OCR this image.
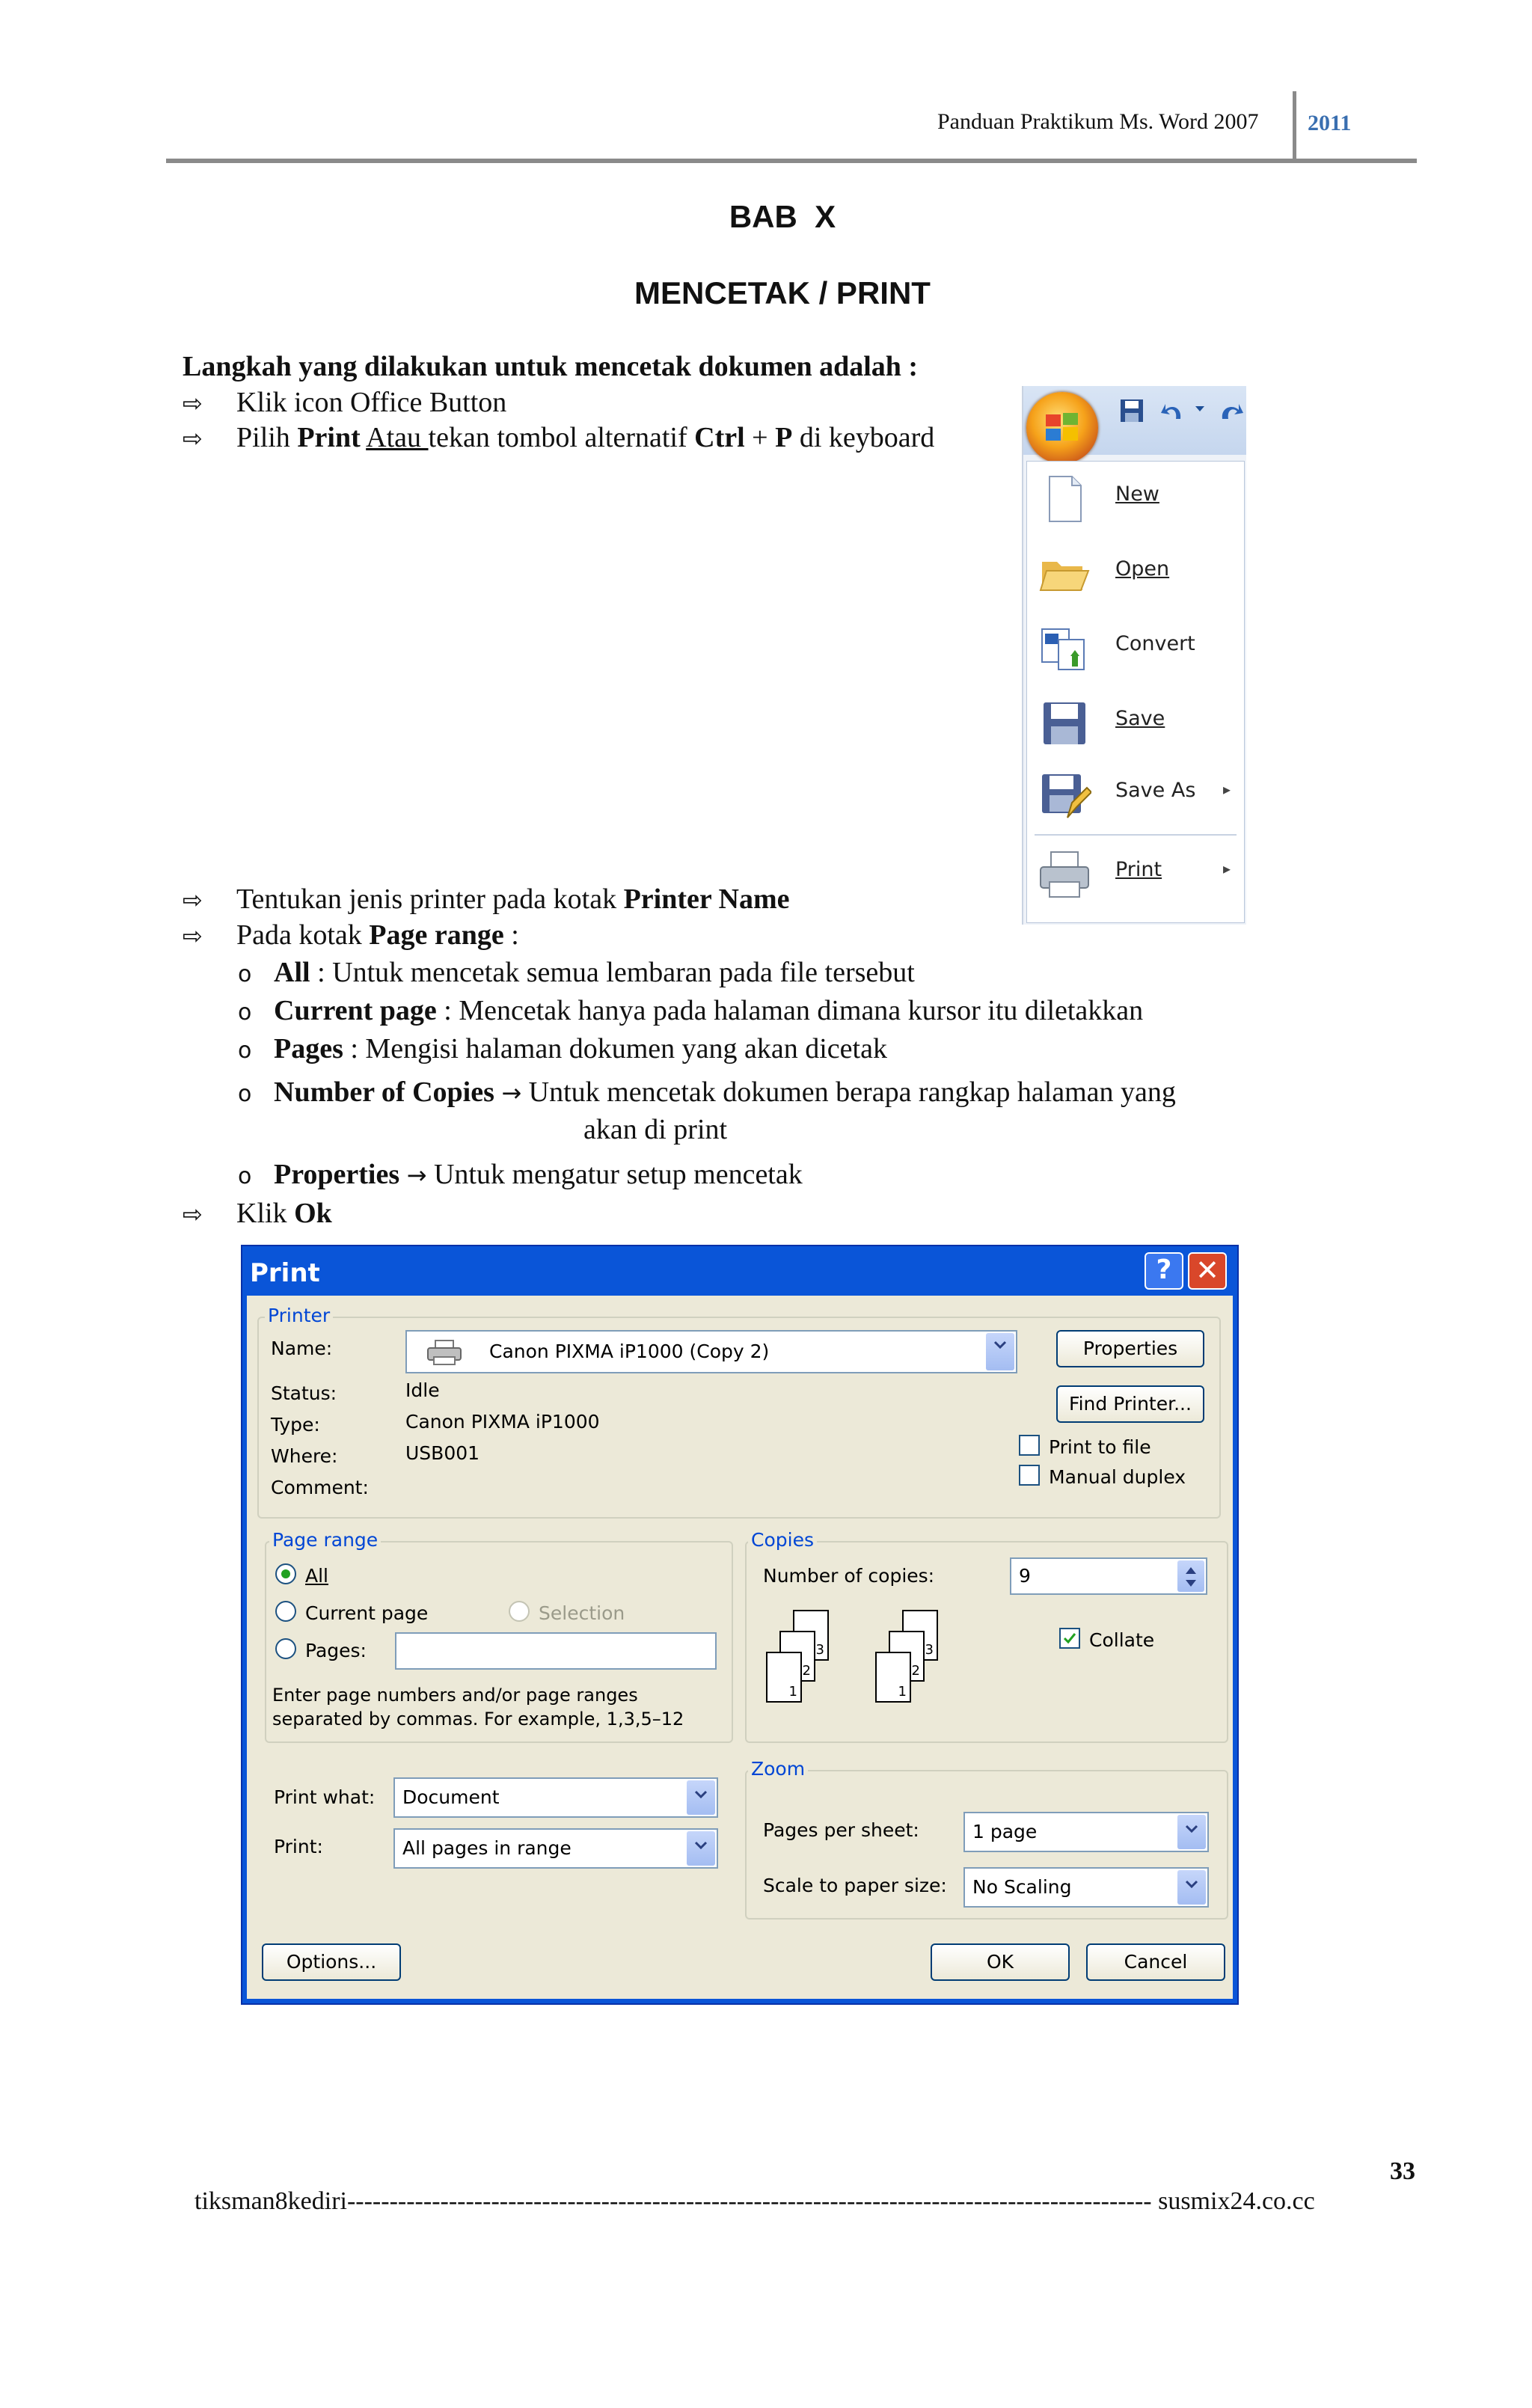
Panduan Praktikum Ms. Word 2007 2011
BAB  X
MENCETAK / PRINT
Langkah yang dilakukan untuk mencetak dokumen adalah :
⇨ Klik icon Office Button
⇨ Pilih Print Atau tekan tombol alternatif Ctrl + P di keyboard
⇨ Tentukan jenis printer pada kotak Printer Name
⇨ Pada kotak Page range :
o All : Untuk mencetak semua lembaran pada file tersebut
o Current page : Mencetak hanya pada halaman dimana kursor itu diletakkan
o Pages : Mengisi halaman dokumen yang akan dicetak
o Number of Copies → Untuk mencetak dokumen berapa rangkap halaman yang
akan di print
o Properties → Untuk mengatur setup mencetak
⇨ Klik Ok
New
Open
Convert
Save
Save As ▸
Print	▸
Print	? ✕
Printer
Name:	Canon PIXMA iP1000 (Copy 2)	Properties
Find Printer...
Status:	Idle
Type:	Canon PIXMA iP1000
Where:	USB001
Comment:
Print to file
Manual duplex
Page range
All
Current page	Selection
Pages:
Enter page numbers and/or page ranges
separated by commas. For example, 1,3,5–12
Copies
Number of copies:	9
3
2
1
3
2
1
Collate
Print what: Document
Print:	All pages in range
Zoom
Pages per sheet:	1 page
Scale to paper size: No Scaling
Options...	OK	Cancel
33
tiksman8kediri----------------------------------------------------------------------------------------------- susmix24.co.cc
